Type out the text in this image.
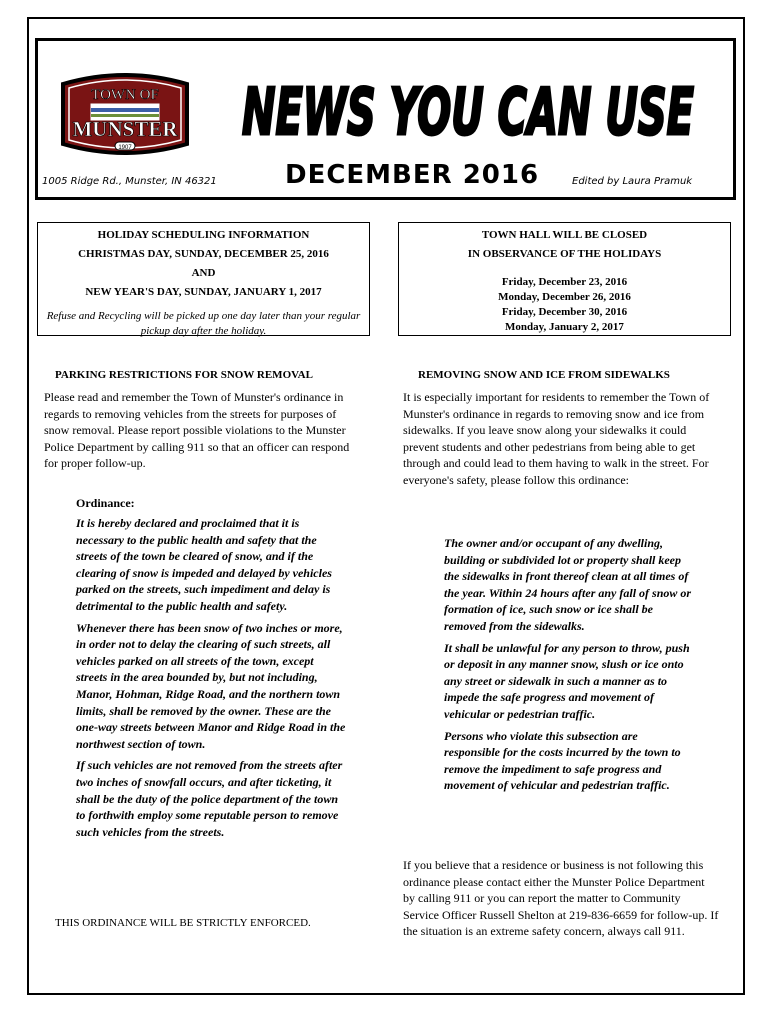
TOWN OF
MUNSTER
1907 NEWS YOU CAN USE
NEWS YOU CAN USE
1005 Ridge Rd., Munster, IN 46321	DECEMBER 2016	Edited by Laura Pramuk
HOLIDAY SCHEDULING INFORMATION
CHRISTMAS DAY, SUNDAY, DECEMBER 25, 2016
AND
NEW YEAR'S DAY, SUNDAY, JANUARY 1, 2017
Refuse and Recycling will be picked up one day later than your regular pickup day after the holiday.
TOWN HALL WILL BE CLOSED
IN OBSERVANCE OF THE HOLIDAYS
Friday, December 23, 2016
Monday, December 26, 2016
Friday, December 30, 2016
Monday, January 2, 2017
PARKING RESTRICTIONS FOR SNOW REMOVAL
Please read and remember the Town of Munster's ordinance in regards to removing vehicles from the streets for purposes of snow removal. Please report possible violations to the Munster Police Department by calling 911 so that an officer can respond for proper follow-up.
Ordinance:

It is hereby declared and proclaimed that it is necessary to the public health and safety that the streets of the town be cleared of snow, and if the clearing of snow is impeded and delayed by vehicles parked on the streets, such impediment and delay is detrimental to the public health and safety.

Whenever there has been snow of two inches or more, in order not to delay the clearing of such streets, all vehicles parked on all streets of the town, except streets in the area bounded by, but not including, Manor, Hohman, Ridge Road, and the northern town limits, shall be removed by the owner. These are the one-way streets between Manor and Ridge Road in the northwest section of town.

If such vehicles are not removed from the streets after two inches of snowfall occurs, and after ticketing, it shall be the duty of the police department of the town to forthwith employ some reputable person to remove such vehicles from the streets.

THIS ORDINANCE WILL BE STRICTLY ENFORCED.
REMOVING SNOW AND ICE FROM SIDEWALKS
It is especially important for residents to remember the Town of Munster's ordinance in regards to removing snow and ice from sidewalks. If you leave snow along your sidewalks it could prevent students and other pedestrians from being able to get through and could lead to them having to walk in the street. For everyone's safety, please follow this ordinance:

The owner and/or occupant of any dwelling, building or subdivided lot or property shall keep the sidewalks in front thereof clean at all times of the year. Within 24 hours after any fall of snow or formation of ice, such snow or ice shall be removed from the sidewalks.

It shall be unlawful for any person to throw, push or deposit in any manner snow, slush or ice onto any street or sidewalk in such a manner as to impede the safe progress and movement of vehicular or pedestrian traffic.

Persons who violate this subsection are responsible for the costs incurred by the town to remove the impediment to safe progress and movement of vehicular and pedestrian traffic.

If you believe that a residence or business is not following this ordinance please contact either the Munster Police Department by calling 911 or you can report the matter to Community Service Officer Russell Shelton at 219-836-6659 for follow-up. If the situation is an extreme safety concern, always call 911.
